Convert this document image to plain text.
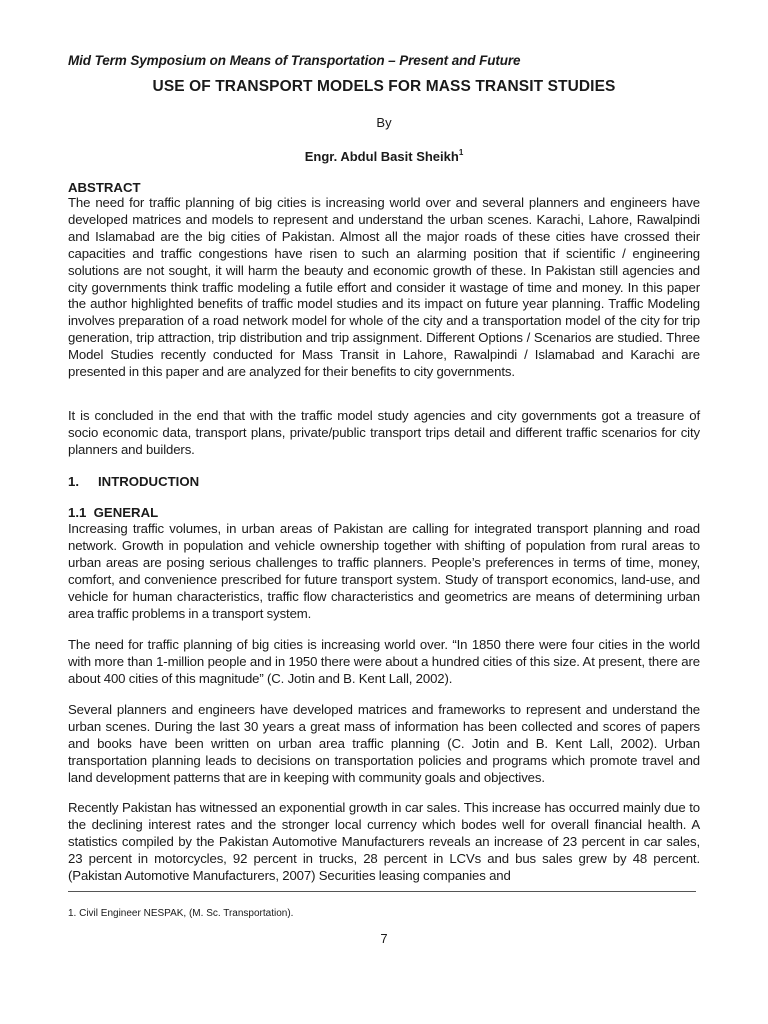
Mid Term Symposium on Means of Transportation – Present and Future
USE OF TRANSPORT MODELS FOR MASS TRANSIT STUDIES
By
Engr. Abdul Basit Sheikh$^1$
ABSTRACT
The need for traffic planning of big cities is increasing world over and several planners and engineers have developed matrices and models to represent and understand the urban scenes. Karachi, Lahore, Rawalpindi and Islamabad are the big cities of Pakistan. Almost all the major roads of these cities have crossed their capacities and traffic congestions have risen to such an alarming position that if scientific / engineering solutions are not sought, it will harm the beauty and economic growth of these. In Pakistan still agencies and city governments think traffic modeling a futile effort and consider it wastage of time and money. In this paper the author highlighted benefits of traffic model studies and its impact on future year planning. Traffic Modeling involves preparation of a road network model for whole of the city and a transportation model of the city for trip generation, trip attraction, trip distribution and trip assignment. Different Options / Scenarios are studied. Three Model Studies recently conducted for Mass Transit in Lahore, Rawalpindi / Islamabad and Karachi are presented in this paper and are analyzed for their benefits to city governments.
It is concluded in the end that with the traffic model study agencies and city governments got a treasure of socio economic data, transport plans, private/public transport trips detail and different traffic scenarios for city planners and builders.
1. INTRODUCTION
1.1 GENERAL
Increasing traffic volumes, in urban areas of Pakistan are calling for integrated transport planning and road network. Growth in population and vehicle ownership together with shifting of population from rural areas to urban areas are posing serious challenges to traffic planners. People’s preferences in terms of time, money, comfort, and convenience prescribed for future transport system. Study of transport economics, land-use, and vehicle for human characteristics, traffic flow characteristics and geometrics are means of determining urban area traffic problems in a transport system.
The need for traffic planning of big cities is increasing world over. “In 1850 there were four cities in the world with more than 1-million people and in 1950 there were about a hundred cities of this size. At present, there are about 400 cities of this magnitude” (C. Jotin and B. Kent Lall, 2002).
Several planners and engineers have developed matrices and frameworks to represent and understand the urban scenes. During the last 30 years a great mass of information has been collected and scores of papers and books have been written on urban area traffic planning (C. Jotin and B. Kent Lall, 2002). Urban transportation planning leads to decisions on transportation policies and programs which promote travel and land development patterns that are in keeping with community goals and objectives.
Recently Pakistan has witnessed an exponential growth in car sales. This increase has occurred mainly due to the declining interest rates and the stronger local currency which bodes well for overall financial health. A statistics compiled by the Pakistan Automotive Manufacturers reveals an increase of 23 percent in car sales, 23 percent in motorcycles, 92 percent in trucks, 28 percent in LCVs and bus sales grew by 48 percent. (Pakistan Automotive Manufacturers, 2007) Securities leasing companies and
1. Civil Engineer NESPAK, (M. Sc. Transportation).
7
